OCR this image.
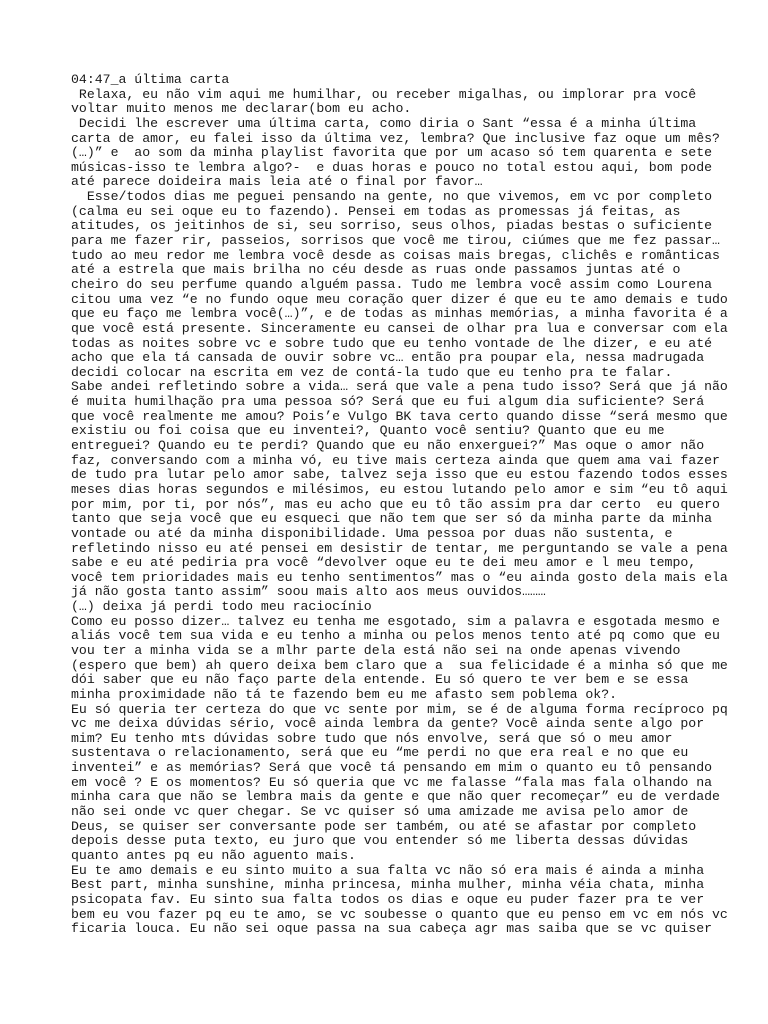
04:47_a última carta
Relaxa, eu não vim aqui me humilhar, ou receber migalhas, ou implorar pra você
voltar muito menos me declarar(bom eu acho.
Decidi lhe escrever uma última carta, como diria o Sant “essa é a minha última
carta de amor, eu falei isso da última vez, lembra? Que inclusive faz oque um mês?
(…)” e  ao som da minha playlist favorita que por um acaso só tem quarenta e sete
músicas-isso te lembra algo?-  e duas horas e pouco no total estou aqui, bom pode
até parece doideira mais leia até o final por favor…
Esse/todos dias me peguei pensando na gente, no que vivemos, em vc por completo
(calma eu sei oque eu to fazendo). Pensei em todas as promessas já feitas, as
atitudes, os jeitinhos de si, seu sorriso, seus olhos, piadas bestas o suficiente
para me fazer rir, passeios, sorrisos que você me tirou, ciúmes que me fez passar…
tudo ao meu redor me lembra você desde as coisas mais bregas, clichês e românticas
até a estrela que mais brilha no céu desde as ruas onde passamos juntas até o
cheiro do seu perfume quando alguém passa. Tudo me lembra você assim como Lourena
citou uma vez “e no fundo oque meu coração quer dizer é que eu te amo demais e tudo
que eu faço me lembra você(…)”, e de todas as minhas memórias, a minha favorita é a
que você está presente. Sinceramente eu cansei de olhar pra lua e conversar com ela
todas as noites sobre vc e sobre tudo que eu tenho vontade de lhe dizer, e eu até
acho que ela tá cansada de ouvir sobre vc… então pra poupar ela, nessa madrugada
decidi colocar na escrita em vez de contá-la tudo que eu tenho pra te falar.
Sabe andei refletindo sobre a vida… será que vale a pena tudo isso? Será que já não
é muita humilhação pra uma pessoa só? Será que eu fui algum dia suficiente? Será
que você realmente me amou? Pois’e Vulgo BK tava certo quando disse “será mesmo que
existiu ou foi coisa que eu inventei?, Quanto você sentiu? Quanto que eu me
entreguei? Quando eu te perdi? Quando que eu não enxerguei?” Mas oque o amor não
faz, conversando com a minha vó, eu tive mais certeza ainda que quem ama vai fazer
de tudo pra lutar pelo amor sabe, talvez seja isso que eu estou fazendo todos esses
meses dias horas segundos e milésimos, eu estou lutando pelo amor e sim “eu tô aqui
por mim, por ti, por nós”, mas eu acho que eu tô tão assim pra dar certo  eu quero
tanto que seja você que eu esqueci que não tem que ser só da minha parte da minha
vontade ou até da minha disponibilidade. Uma pessoa por duas não sustenta, e
refletindo nisso eu até pensei em desistir de tentar, me perguntando se vale a pena
sabe e eu até pediria pra você “devolver oque eu te dei meu amor e l meu tempo,
você tem prioridades mais eu tenho sentimentos” mas o “eu ainda gosto dela mais ela
já não gosta tanto assim” soou mais alto aos meus ouvidos………
(…) deixa já perdi todo meu raciocínio
Como eu posso dizer… talvez eu tenha me esgotado, sim a palavra e esgotada mesmo e
aliás você tem sua vida e eu tenho a minha ou pelos menos tento até pq como que eu
vou ter a minha vida se a mlhr parte dela está não sei na onde apenas vivendo
(espero que bem) ah quero deixa bem claro que a  sua felicidade é a minha só que me
dói saber que eu não faço parte dela entende. Eu só quero te ver bem e se essa
minha proximidade não tá te fazendo bem eu me afasto sem poblema ok?.
Eu só queria ter certeza do que vc sente por mim, se é de alguma forma recíproco pq
vc me deixa dúvidas sério, você ainda lembra da gente? Você ainda sente algo por
mim? Eu tenho mts dúvidas sobre tudo que nós envolve, será que só o meu amor
sustentava o relacionamento, será que eu “me perdi no que era real e no que eu
inventei” e as memórias? Será que você tá pensando em mim o quanto eu tô pensando
em você ? E os momentos? Eu só queria que vc me falasse “fala mas fala olhando na
minha cara que não se lembra mais da gente e que não quer recomeçar” eu de verdade
não sei onde vc quer chegar. Se vc quiser só uma amizade me avisa pelo amor de
Deus, se quiser ser conversante pode ser também, ou até se afastar por completo
depois desse puta texto, eu juro que vou entender só me liberta dessas dúvidas
quanto antes pq eu não aguento mais.
Eu te amo demais e eu sinto muito a sua falta vc não só era mais é ainda a minha
Best part, minha sunshine, minha princesa, minha mulher, minha véia chata, minha
psicopata fav. Eu sinto sua falta todos os dias e oque eu puder fazer pra te ver
bem eu vou fazer pq eu te amo, se vc soubesse o quanto que eu penso em vc em nós vc
ficaria louca. Eu não sei oque passa na sua cabeça agr mas saiba que se vc quiser
